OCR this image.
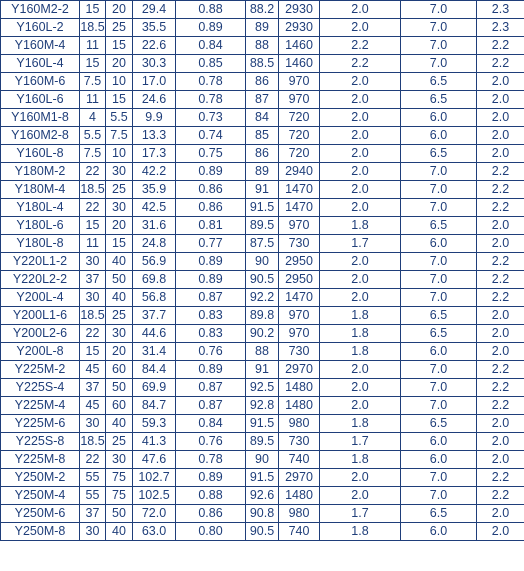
Y160M2-2	15	20	29.4	0.88	88.2	2930	2.0	7.0	2.3
Y160L-2	18.5	25	35.5	0.89	89	2930	2.0	7.0	2.3
Y160M-4	11	15	22.6	0.84	88	1460	2.2	7.0	2.2
Y160L-4	15	20	30.3	0.85	88.5	1460	2.2	7.0	2.2
Y160M-6	7.5	10	17.0	0.78	86	970	2.0	6.5	2.0
Y160L-6	11	15	24.6	0.78	87	970	2.0	6.5	2.0
Y160M1-8	4	5.5	9.9	0.73	84	720	2.0	6.0	2.0
Y160M2-8	5.5	7.5	13.3	0.74	85	720	2.0	6.0	2.0
Y160L-8	7.5	10	17.3	0.75	86	720	2.0	6.5	2.0
Y180M-2	22	30	42.2	0.89	89	2940	2.0	7.0	2.2
Y180M-4	18.5	25	35.9	0.86	91	1470	2.0	7.0	2.2
Y180L-4	22	30	42.5	0.86	91.5	1470	2.0	7.0	2.2
Y180L-6	15	20	31.6	0.81	89.5	970	1.8	6.5	2.0
Y180L-8	11	15	24.8	0.77	87.5	730	1.7	6.0	2.0
Y220L1-2	30	40	56.9	0.89	90	2950	2.0	7.0	2.2
Y220L2-2	37	50	69.8	0.89	90.5	2950	2.0	7.0	2.2
Y200L-4	30	40	56.8	0.87	92.2	1470	2.0	7.0	2.2
Y200L1-6	18.5	25	37.7	0.83	89.8	970	1.8	6.5	2.0
Y200L2-6	22	30	44.6	0.83	90.2	970	1.8	6.5	2.0
Y200L-8	15	20	31.4	0.76	88	730	1.8	6.0	2.0
Y225M-2	45	60	84.4	0.89	91	2970	2.0	7.0	2.2
Y225S-4	37	50	69.9	0.87	92.5	1480	2.0	7.0	2.2
Y225M-4	45	60	84.7	0.87	92.8	1480	2.0	7.0	2.2
Y225M-6	30	40	59.3	0.84	91.5	980	1.8	6.5	2.0
Y225S-8	18.5	25	41.3	0.76	89.5	730	1.7	6.0	2.0
Y225M-8	22	30	47.6	0.78	90	740	1.8	6.0	2.0
Y250M-2	55	75	102.7	0.89	91.5	2970	2.0	7.0	2.2
Y250M-4	55	75	102.5	0.88	92.6	1480	2.0	7.0	2.2
Y250M-6	37	50	72.0	0.86	90.8	980	1.7	6.5	2.0
Y250M-8	30	40	63.0	0.80	90.5	740	1.8	6.0	2.0
